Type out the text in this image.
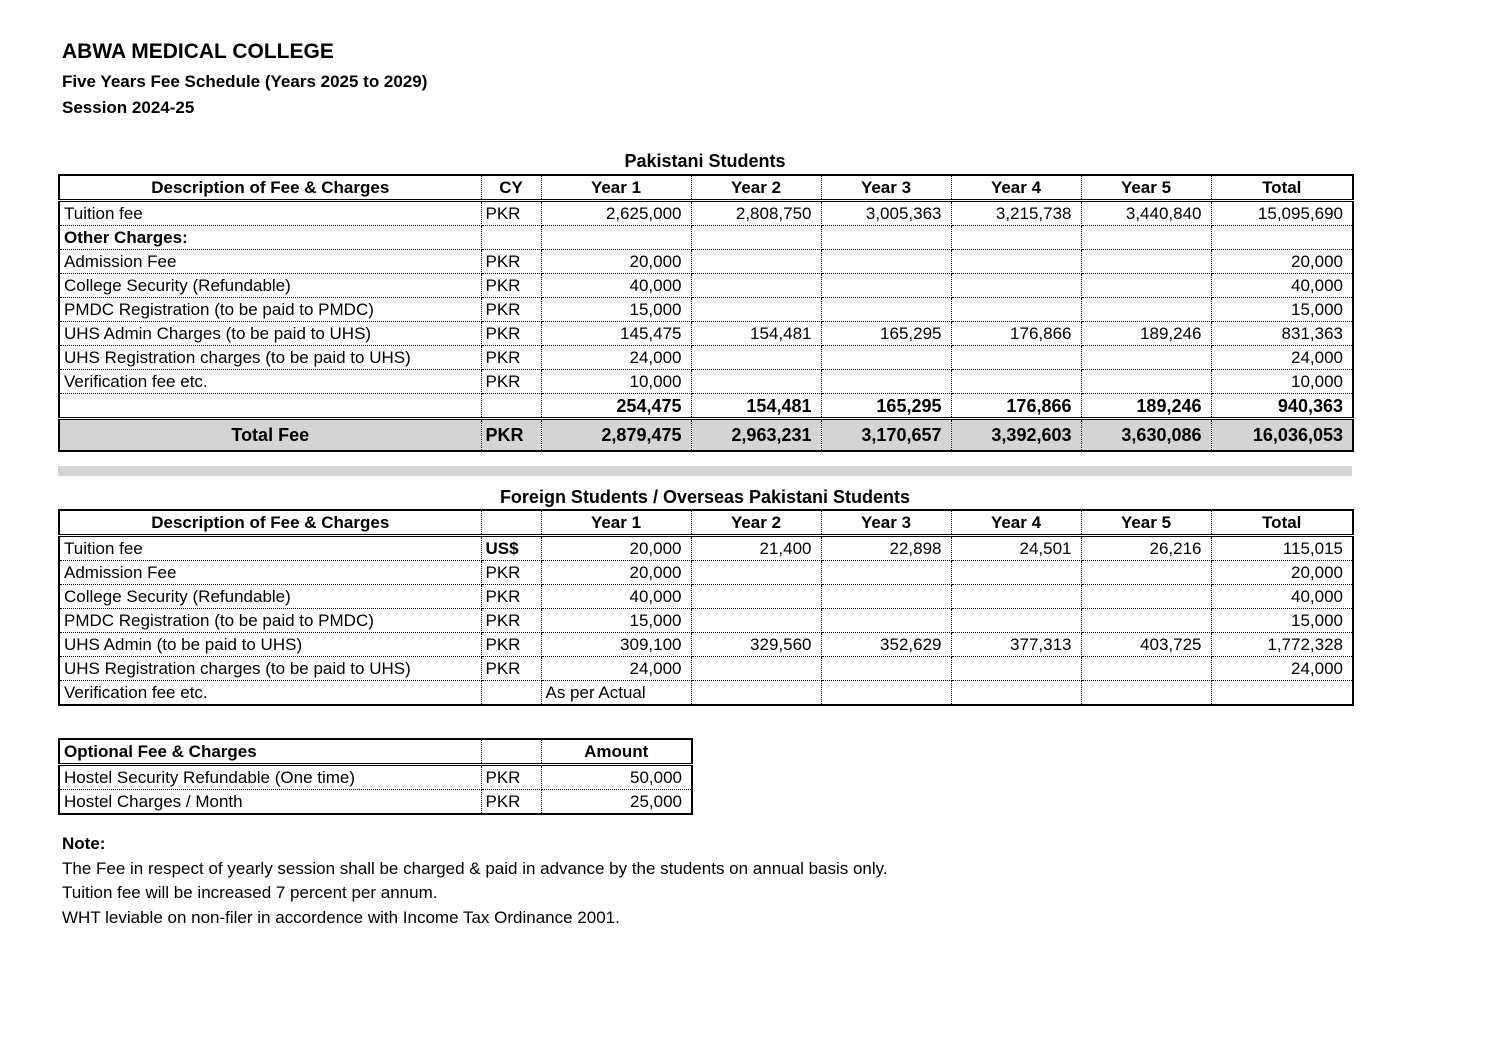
ABWA MEDICAL COLLEGE
Five Years Fee Schedule (Years 2025 to 2029)
Session 2024-25
Pakistani Students
Description of Fee & Charges	CY	Year 1	Year 2	Year 3	Year 4	Year 5	Total
Tuition fee	PKR	2,625,000	2,808,750	3,005,363	3,215,738	3,440,840	15,095,690
Other Charges:							
Admission Fee	PKR	20,000					20,000
College Security (Refundable)	PKR	40,000					40,000
PMDC Registration (to be paid to PMDC)	PKR	15,000					15,000
UHS Admin Charges (to be paid to UHS)	PKR	145,475	154,481	165,295	176,866	189,246	831,363
UHS Registration charges (to be paid to UHS)	PKR	24,000					24,000
Verification fee etc.	PKR	10,000					10,000
		254,475	154,481	165,295	176,866	189,246	940,363
Total Fee	PKR	2,879,475	2,963,231	3,170,657	3,392,603	3,630,086	16,036,053
Foreign Students / Overseas Pakistani Students
Description of Fee & Charges		Year 1	Year 2	Year 3	Year 4	Year 5	Total
Tuition fee	US$	20,000	21,400	22,898	24,501	26,216	115,015
Admission Fee	PKR	20,000					20,000
College Security (Refundable)	PKR	40,000					40,000
PMDC Registration (to be paid to PMDC)	PKR	15,000					15,000
UHS Admin (to be paid to UHS)	PKR	309,100	329,560	352,629	377,313	403,725	1,772,328
UHS Registration charges (to be paid to UHS)	PKR	24,000					24,000
Verification fee etc.		As per Actual					
Optional Fee & Charges		Amount
Hostel Security Refundable (One time)	PKR	50,000
Hostel Charges / Month	PKR	25,000
Note:
The Fee in respect of yearly session shall be charged & paid in advance by the students on annual basis only.
Tuition fee will be increased 7 percent per annum.
WHT leviable on non-filer in accordence with Income Tax Ordinance 2001.
